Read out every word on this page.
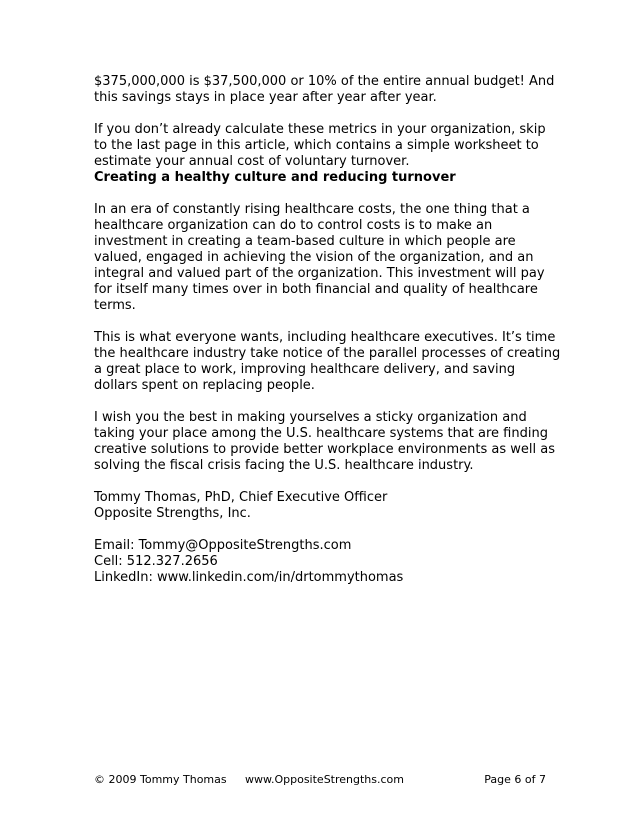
$375,000,000 is $37,500,000 or 10% of the entire annual budget! And
this savings stays in place year after year after year.

If you don’t already calculate these metrics in your organization, skip
to the last page in this article, which contains a simple worksheet to
estimate your annual cost of voluntary turnover.

Creating a healthy culture and reducing turnover

In an era of constantly rising healthcare costs, the one thing that a
healthcare organization can do to control costs is to make an
investment in creating a team-based culture in which people are
valued, engaged in achieving the vision of the organization, and an
integral and valued part of the organization. This investment will pay
for itself many times over in both financial and quality of healthcare
terms.

This is what everyone wants, including healthcare executives. It’s time
the healthcare industry take notice of the parallel processes of creating
a great place to work, improving healthcare delivery, and saving
dollars spent on replacing people.

I wish you the best in making yourselves a sticky organization and
taking your place among the U.S. healthcare systems that are finding
creative solutions to provide better workplace environments as well as
solving the fiscal crisis facing the U.S. healthcare industry.

Tommy Thomas, PhD, Chief Executive Officer
Opposite Strengths, Inc.

Email: Tommy@OppositeStrengths.com
Cell: 512.327.2656
LinkedIn: www.linkedin.com/in/drtommythomas

© 2009 Tommy Thomas www.OppositeStrengths.com	Page 6 of 7
